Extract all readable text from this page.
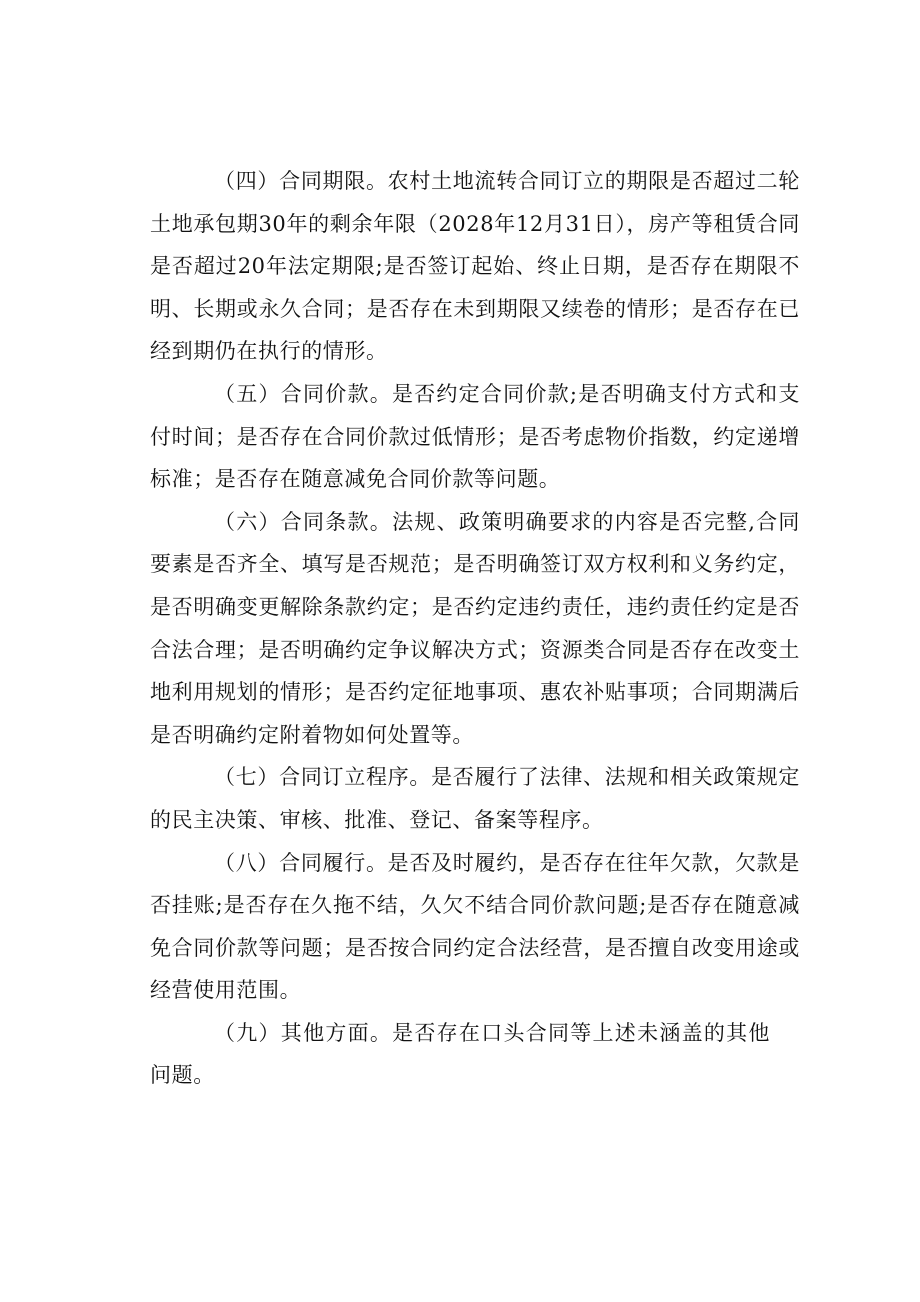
（四）合同期限。农村土地流转合同订立的期限是否超过二轮土地承包期30年的剩余年限（2028年12月31日），房产等租赁合同是否超过20年法定期限;是否签订起始、终止日期，是否存在期限不明、长期或永久合同；是否存在未到期限又续卷的情形；是否存在已经到期仍在执行的情形。

（五）合同价款。是否约定合同价款;是否明确支付方式和支付时间；是否存在合同价款过低情形；是否考虑物价指数，约定递增标准；是否存在随意减免合同价款等问题。

（六）合同条款。法规、政策明确要求的内容是否完整,合同要素是否齐全、填写是否规范；是否明确签订双方权利和义务约定，是否明确变更解除条款约定；是否约定违约责任，违约责任约定是否合法合理；是否明确约定争议解决方式；资源类合同是否存在改变土地利用规划的情形；是否约定征地事项、惠农补贴事项；合同期满后是否明确约定附着物如何处置等。

（七）合同订立程序。是否履行了法律、法规和相关政策规定的民主决策、审核、批准、登记、备案等程序。

（八）合同履行。是否及时履约，是否存在往年欠款，欠款是否挂账;是否存在久拖不结，久欠不结合同价款问题;是否存在随意减免合同价款等问题；是否按合同约定合法经营，是否擅自改变用途或经营使用范围。

（九）其他方面。是否存在口头合同等上述未涵盖的其他问题。
